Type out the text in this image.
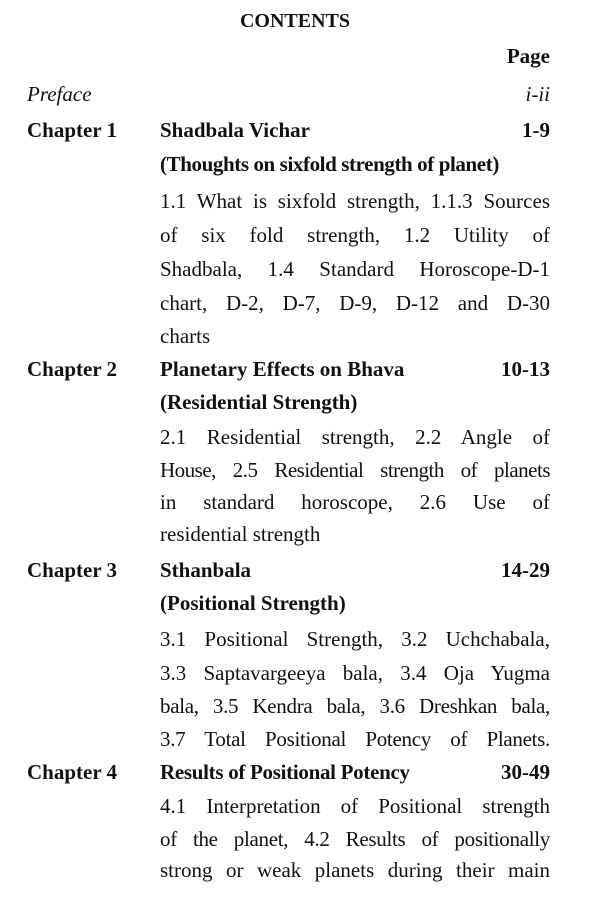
CONTENTS
Page
Preface	i-ii
Chapter 1 Shadbala Vichar	1-9
(Thoughts on sixfold strength of planet)
1.1 What is sixfold strength, 1.1.3 Sources
of six fold strength, 1.2 Utility of
Shadbala, 1.4 Standard Horoscope-D-1
chart, D-2, D-7, D-9, D-12 and D-30
charts
Chapter 2 Planetary Effects on Bhava	10-13
(Residential Strength)
2.1 Residential strength, 2.2 Angle of
House, 2.5 Residential strength of planets
in standard horoscope, 2.6 Use of
residential strength
Chapter 3 Sthanbala	14-29
(Positional Strength)
3.1 Positional Strength, 3.2 Uchchabala,
3.3 Saptavargeeya bala, 3.4 Oja Yugma
bala, 3.5 Kendra bala, 3.6 Dreshkan bala,
3.7 Total Positional Potency of Planets.
Chapter 4 Results of Positional Potency	30-49
4.1 Interpretation of Positional strength
of the planet, 4.2 Results of positionally
strong or weak planets during their main
